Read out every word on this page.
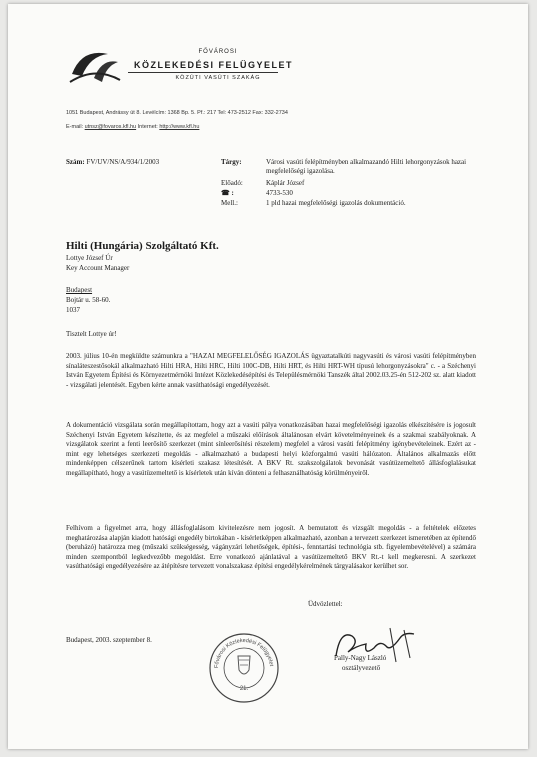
FŐVÁROSI
KÖZLEKEDÉSI FELÜGYELET
KÖZÚTI VASÚTI SZAKÁG
1051 Budapest, Andrássy út 8. Levélcím: 1368 Bp. 5. Pf.: 217 Tel: 473-2512 Fax: 332-2734
E-mail: utnsz@fovaros.kfl.hu Internet: http://www.kfl.hu
Szám: FV/UV/NS/A/934/1/2003	Tárgy:	Városi vasúti felépítményben alkalmazandó Hilti lehorgonyzások hazai megfelelőségi igazolása.
Előadó:	Káplár József
☎ :	4733-530
Mell.:	1 pld hazai megfelelőségi igazolás dokumentáció.
Hilti (Hungária) Szolgáltató Kft.
Lottye József Úr
Key Account Manager
Budapest
Bojtár u. 58-60.
1037
Tisztelt Lottye úr!

2003. július 10-én megküldte számunkra a "HAZAI MEGFELELŐSÉG IGAZOLÁS ügyaztatalkúti nagyvasúti és városi vasúti felépítményben sínaláteszestősokál alkalmazható Hilti HRA, Hilti HRC, Hilti 100C-DB, Hilti HRT, és Hilti HRT-WH típusú lehorgonyzásokra" c. - a Széchenyi István Egyetem Építési és Környezetmérnöki Intézet Közlekedésépítési és Településmérnöki Tanszék által 2002.03.25-én 512-202 sz. alatt kiadott - vizsgálati jelentését. Egyben kérte annak vasúthatósági engedélyezését.

A dokumentáció vizsgálata során megállapítottam, hogy azt a vasúti pálya vonatkozásában hazai megfelelőségi igazolás elkészítésére is jogosult Széchenyi István Egyetem készítette, és az megfelel a műszaki előírások általánosan elvárt követelményeinek és a szakmai szabályoknak. A vizsgálatok szerint a fenti leerősítő szerkezet (mint sínleerősítési részelem) megfelel a városi vasúti felépítmény igénybevételeinek. Ezért az - mint egy lehetséges szerkezeti megoldás - alkalmazható a budapesti helyi közforgalmú vasúti hálózaton. Általános alkalmazás előtt mindenképpen célszerűnek tartom kísérleti szakasz létesítését. A BKV Rt. szakszolgálatok bevonását vasútüzemeltető állásfoglalásukat megállapítható, hogy a vasútüzemeltető is kísérletek után kíván dönteni a felhasználhatóság körülményeiről.

Felhívom a figyelmet arra, hogy állásfoglalásom kivitelezésre nem jogosít. A bemutatott és vizsgált megoldás - a feltételek előzetes meghatározása alapján kiadott hatósági engedély birtokában - kísérletképpen alkalmazható, azonban a tervezett szerkezet ismeretében az építendő (beruházó) határozza meg (műszaki szükségesség, vágányzári lehetőségek, építési-, fenntartási technológia stb. figyelembevételével) a számára minden szempontból legkedvezőbb megoldást. Erre vonatkozó ajánlatával a vasútüzemeltető BKV Rt.-t kell megkeresni. A szerkezet vasúthatósági engedélyezésére az átépítésre tervezett vonalszakasz építési engedélykérelmének tárgyalásakor kerülhet sor.

Üdvözlettel:
Budapest, 2003. szeptember 8.
Fővárosi Közlekedési Felügyelet
21.
Pally-Nagy László
osztályvezető
